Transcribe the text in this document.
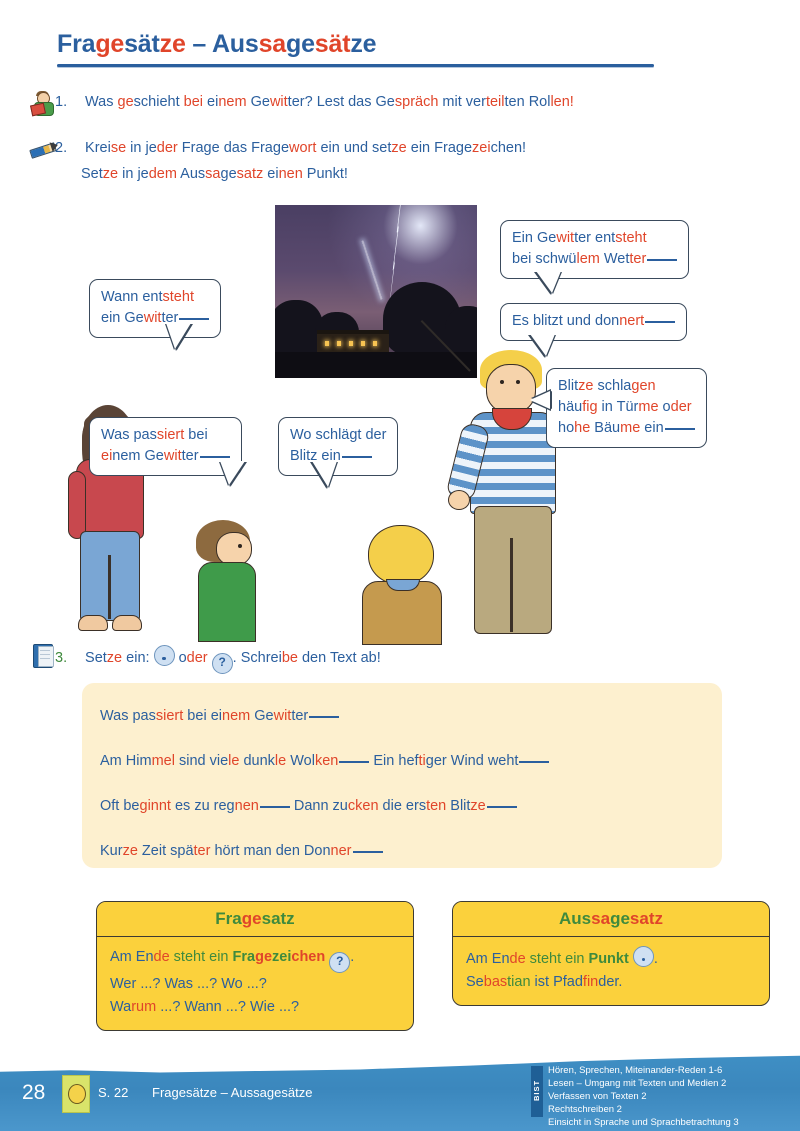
Fragesätze – Aussagesätze
1. Was geschieht bei einem Gewitter? Lest das Gespräch mit verteilten Rollen!
2. Kreise in jeder Frage das Fragewort ein und setze ein Fragezeichen!
Setze in jedem Aussagesatz einen Punkt!
Wann entsteht
ein Gewitter
Was passiert bei
einem Gewitter
Wo schlägt der
Blitz ein
Ein Gewitter entsteht
bei schwülem Wetter
Es blitzt und donnert
Blitze schlagen
häufig in Türme oder
hohe Bäume ein
3. Setze ein:  oder ? . Schreibe den Text ab!
Was passiert bei einem Gewitter
Am Himmel sind viele dunkle Wolken Ein heftiger Wind weht
Oft beginnt es zu regnen Dann zucken die ersten Blitze
Kurze Zeit später hört man den Donner
Fragesatz
Am Ende steht ein Fragezeichen ? .
Wer ...? Was ...? Wo ...?
Warum ...? Wann ...? Wie ...?
Aussagesatz
Am Ende steht ein Punkt .
Sebastian ist Pfadfinder.
28	S. 22 Fragesätze – Aussagesätze	BIST
Hören, Sprechen, Miteinander-Reden 1-6
Lesen – Umgang mit Texten und Medien 2
Verfassen von Texten 2
Rechtschreiben 2
Einsicht in Sprache und Sprachbetrachtung 3
